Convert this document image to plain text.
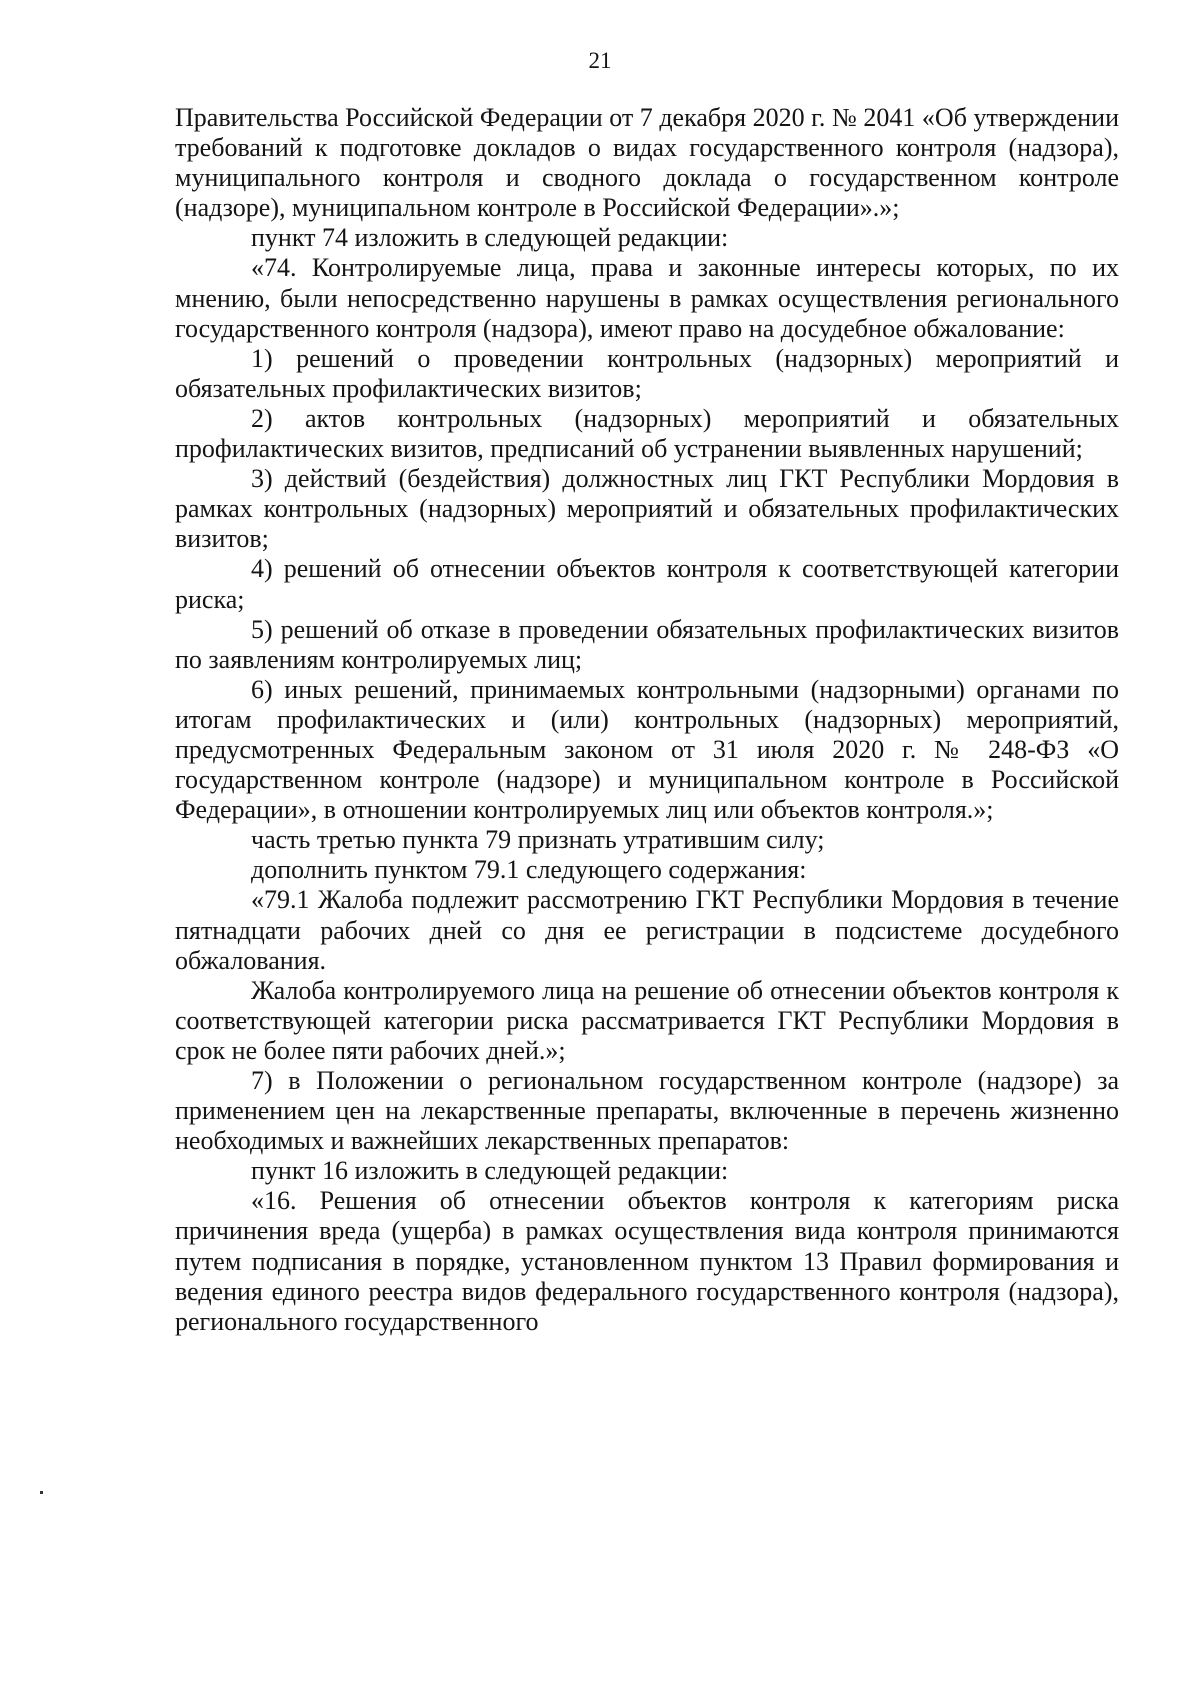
21

Правительства Российской Федерации от 7 декабря 2020 г. № 2041 «Об утверждении требований к подготовке докладов о видах государственного контроля (надзора), муниципального контроля и сводного доклада о государственном контроле (надзоре), муниципальном контроле в Российской Федерации».»;

пункт 74 изложить в следующей редакции:

«74. Контролируемые лица, права и законные интересы которых, по их мнению, были непосредственно нарушены в рамках осуществления регионального государственного контроля (надзора), имеют право на досудебное обжалование:

1) решений о проведении контрольных (надзорных) мероприятий и обязательных профилактических визитов;

2) актов контрольных (надзорных) мероприятий и обязательных профилактических визитов, предписаний об устранении выявленных нарушений;

3) действий (бездействия) должностных лиц ГКТ Республики Мордовия в рамках контрольных (надзорных) мероприятий и обязательных профилактических визитов;

4) решений об отнесении объектов контроля к соответствующей категории риска;

5) решений об отказе в проведении обязательных профилактических визитов по заявлениям контролируемых лиц;

6) иных решений, принимаемых контрольными (надзорными) органами по итогам профилактических и (или) контрольных (надзорных) мероприятий, предусмотренных Федеральным законом от 31 июля 2020 г. № 248-ФЗ «О государственном контроле (надзоре) и муниципальном контроле в Российской Федерации», в отношении контролируемых лиц или объектов контроля.»;

часть третью пункта 79 признать утратившим силу;

дополнить пунктом 79.1 следующего содержания:

«79.1 Жалоба подлежит рассмотрению ГКТ Республики Мордовия в течение пятнадцати рабочих дней со дня ее регистрации в подсистеме досудебного обжалования.

Жалоба контролируемого лица на решение об отнесении объектов контроля к соответствующей категории риска рассматривается ГКТ Республики Мордовия в срок не более пяти рабочих дней.»;

7) в Положении о региональном государственном контроле (надзоре) за применением цен на лекарственные препараты, включенные в перечень жизненно необходимых и важнейших лекарственных препаратов:

пункт 16 изложить в следующей редакции:

«16. Решения об отнесении объектов контроля к категориям риска причинения вреда (ущерба) в рамках осуществления вида контроля принимаются путем подписания в порядке, установленном пунктом 13 Правил формирования и ведения единого реестра видов федерального государственного контроля (надзора), регионального государственного
